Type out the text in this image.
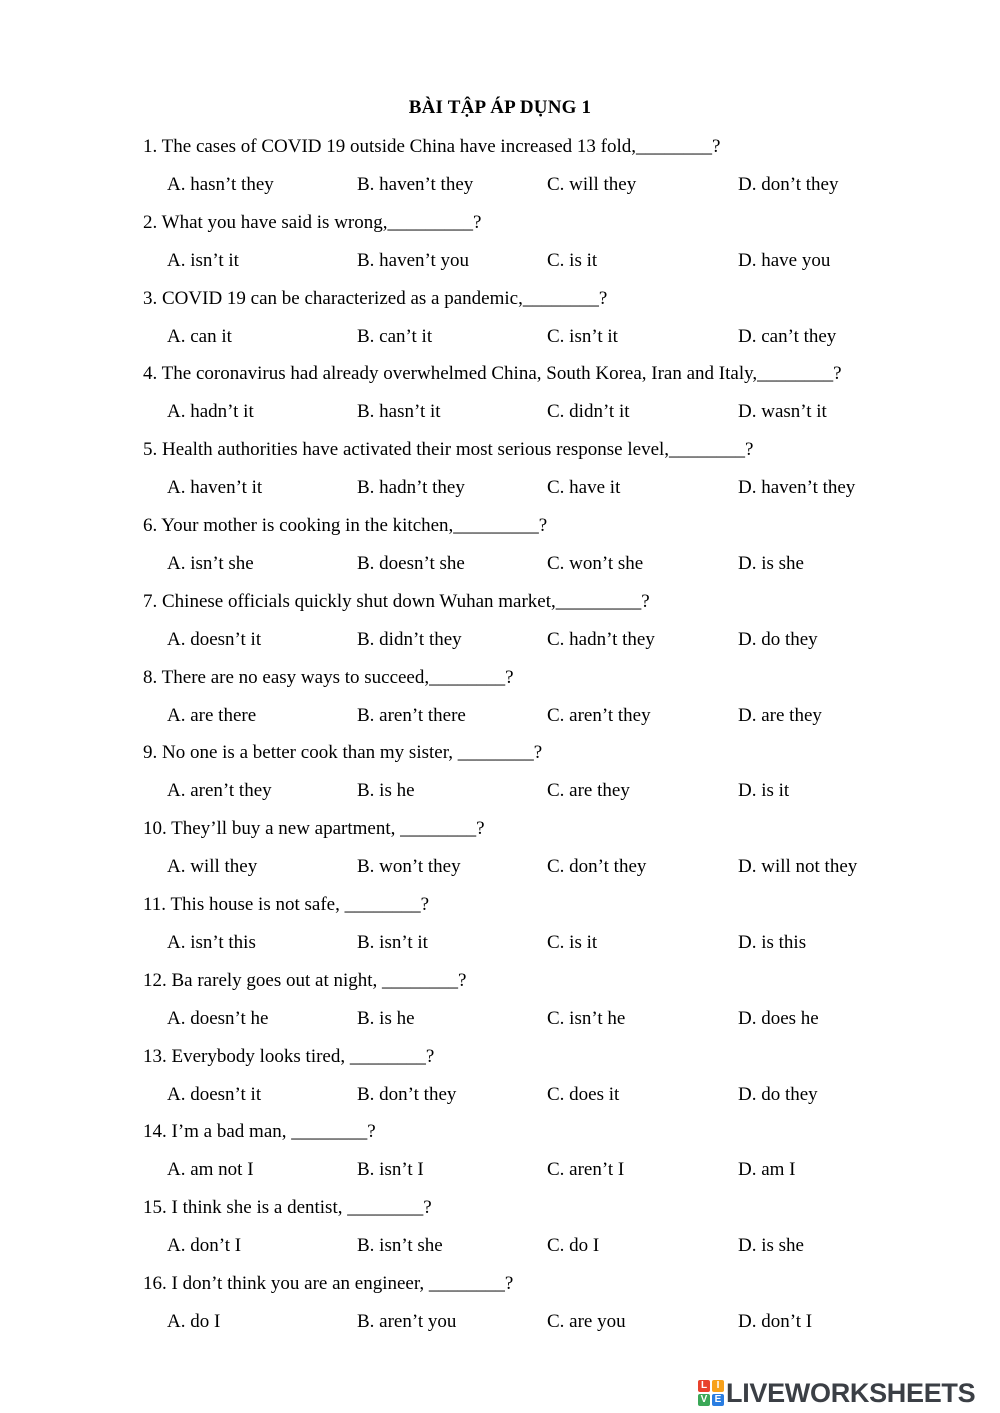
BÀI TẬP ÁP DỤNG 1
1. The cases of COVID 19 outside China have increased 13 fold,________?
A. hasn’t they	B. haven’t they	C. will they	D. don’t they
2. What you have said is wrong,_________?
A. isn’t it	B. haven’t you	C. is it	D. have you
3. COVID 19 can be characterized as a pandemic,________?
A. can it	B. can’t it	C. isn’t it	D. can’t they
4. The coronavirus had already overwhelmed China, South Korea, Iran and Italy,________?
A. hadn’t it	B. hasn’t it	C. didn’t it	D. wasn’t it
5. Health authorities have activated their most serious response level,________?
A. haven’t it	B. hadn’t they	C. have it	D. haven’t they
6. Your mother is cooking in the kitchen,_________?
A. isn’t she	B. doesn’t she	C. won’t she	D. is she
7. Chinese officials quickly shut down Wuhan market,_________?
A. doesn’t it	B. didn’t they	C. hadn’t they	D. do they
8. There are no easy ways to succeed,________?
A. are there	B. aren’t there	C. aren’t they	D. are they
9. No one is a better cook than my sister, ________?
A. aren’t they	B. is he	C. are they	D. is it
10. They’ll buy a new apartment, ________?
A. will they	B. won’t they	C. don’t they	D. will not they
11. This house is not safe, ________?
A. isn’t this	B. isn’t it	C. is it	D. is this
12. Ba rarely goes out at night, ________?
A. doesn’t he	B. is he	C. isn’t he	D. does he
13. Everybody looks tired, ________?
A. doesn’t it	B. don’t they	C. does it	D. do they
14. I’m a bad man, ________?
A. am not I	B. isn’t I	C. aren’t I	D. am I
15. I think she is a dentist, ________?
A. don’t I	B. isn’t she	C. do I	D. is she
16. I don’t think you are an engineer, ________?
A. do I	B. aren’t you	C. are you	D. don’t I
L I
V E LIVEWORKSHEETS
